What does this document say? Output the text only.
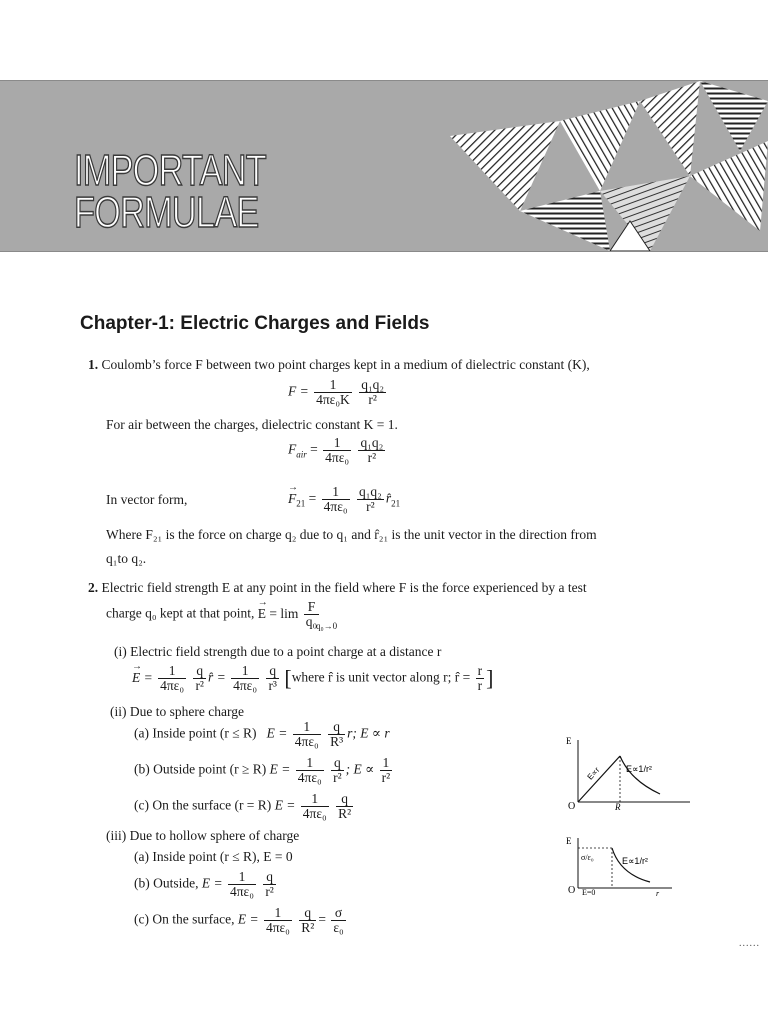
IMPORTANT
FORMULAE
Chapter-1: Electric Charges and Fields
1. Coulomb’s force F between two point charges kept in a medium of dielectric constant (K),
$F = \frac{1}{\text{4πε₀K}}$
$\frac{\text{q₁q₂}}{\text{r²}}$
For air between the charges, dielectric constant K = 1.
$F_{air} = \frac{1}{\text{4πε₀}}$
$\frac{\text{q₁q₂}}{\text{r²}}$
In vector form,	→ $F_{21} = \frac{1}{\text{4πε₀}}$
$\frac{\text{q₁q₂}}{\text{r²}}$ $r̂_{21}$
Where F₂₁ is the force on charge q₂ due to q₁ and r̂₂₁ is the unit vector in the direction from
q₁to q₂.
2. Electric field strength E at any point in the field where F is the force experienced by a test
charge q₀ kept at that point, → $E = \lim \frac{F}{\text{q₀}}$
q₀→0
(i) Electric field strength due to a point charge at a distance r
→ $E = \frac{1}{\text{4πε₀}}$
$\frac{q}{\text{r²}}$ r̂ = $\frac{1}{\text{4πε₀}}$
$\frac{q}{\text{r³}}$ [where r̂ is unit vector along r; r̂ = $\frac{r}{r}$ ]
(ii) Due to sphere charge
(a) Inside point (r ≤ R) $E = \frac{1}{\text{4πε₀}}$
$\frac{q}{\text{R³}} r$; E ∝ r
(b) Outside point (r ≥ R) $E = \frac{1}{\text{4πε₀}}$
$\frac{q}{\text{r²}}$ ; $E \propto \frac{1}{\text{r²}}$
(c) On the surface (r = R) $E = \frac{1}{\text{4πε₀}}$
$\frac{q}{\text{R²}}$
(iii) Due to hollow sphere of charge
(a) Inside point (r ≤ R), E = 0
(b) Outside, $E = \frac{1}{\text{4πε₀}}$
$\frac{q}{\text{r²}}$
(c) On the surface, $E = \frac{1}{\text{4πε₀}}$
$\frac{q}{\text{R²}} = \frac{\sigma}{\text{ε₀}}$
E
O	R
E∝r	E∝1/r²
E
O	r
σ/ε₀
E=0
E∝1/r²
......
